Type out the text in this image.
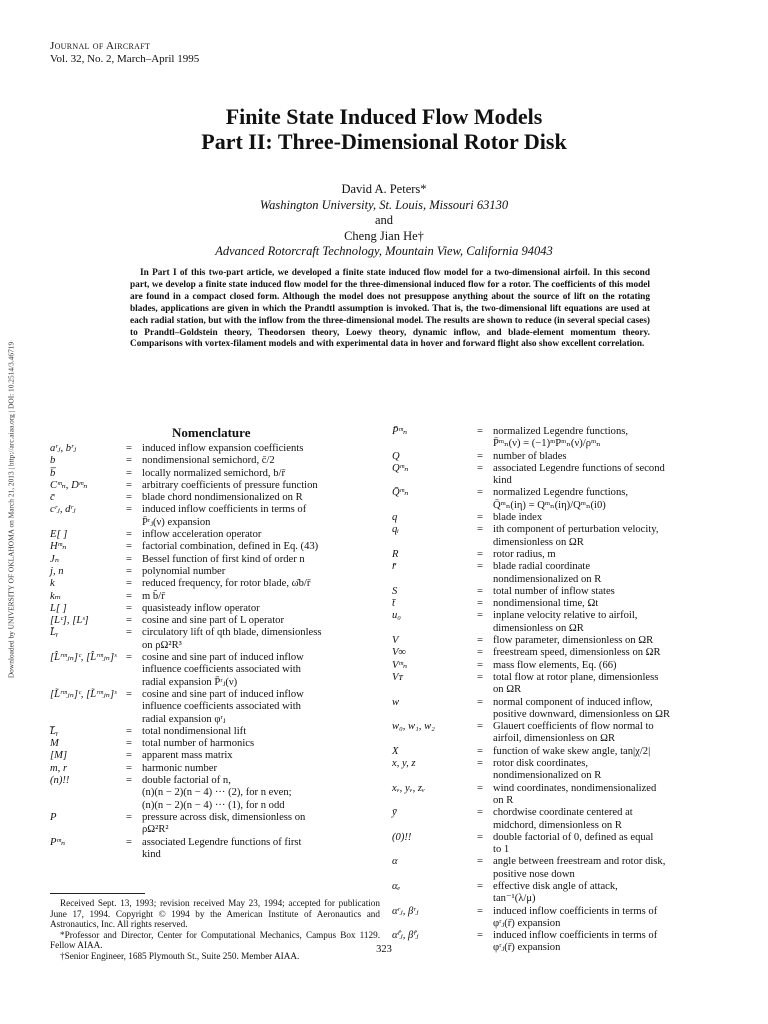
Journal of Aircraft
Vol. 32, No. 2, March–April 1995
Finite State Induced Flow Models
Part II: Three-Dimensional Rotor Disk
David A. Peters*
Washington University, St. Louis, Missouri 63130
and
Cheng Jian He†
Advanced Rotorcraft Technology, Mountain View, California 94043
In Part I of this two-part article, we developed a finite state induced flow model for a two-dimensional airfoil. In this second part, we develop a finite state induced flow model for the three-dimensional induced flow for a rotor. The coefficients of this model are found in a compact closed form. Although the model does not presuppose anything about the source of lift on the rotating blades, applications are given in which the Prandtl assumption is invoked. That is, the two-dimensional lift equations are used at each radial station, but with the inflow from the three-dimensional model. The results are shown to reduce (in several special cases) to Prandtl–Goldstein theory, Theodorsen theory, Loewy theory, dynamic inflow, and blade-element momentum theory. Comparisons with vortex-filament models and with experimental data in hover and forward flight also show excellent correlation.
Downloaded by UNIVERSITY OF OKLAHOMA on March 21, 2013 | http://arc.aiaa.org | DOI: 10.2514/3.46719	Nomenclature
aʳⱼ, bʳⱼ	= induced inflow expansion coefficients
b	= nondimensional semichord, c̄/2
b̅	= locally normalized semichord, b/r̄
Cᵐₙ, Dᵐₙ	= arbitrary coefficients of pressure function
c̄	= blade chord nondimensionalized on R
cʳⱼ, dʳⱼ	= induced inflow coefficients in terms of
P̄ʳⱼ(ν) expansion
E[ ]	= inflow acceleration operator
Hᵐₙ	= factorial combination, defined in Eq. (43)
Jₙ	= Bessel function of first kind of order n
j, n	= polynomial number
k	= reduced frequency, for rotor blade, ω̄b/r̄
kₘ	= m b̄/r̄
L[ ]	= quasisteady inflow operator
[Lᶜ], [Lˢ]	= cosine and sine part of L operator
L̄ᵧ	= circulatory lift of qth blade, dimensionless
on ρΩ²R³
[L̂ʳᵐⱼₙ]ᶜ, [L̂ʳᵐⱼₙ]ˢ = cosine and sine part of induced inflow
influence coefficients associated with
radial expansion P̄ʳⱼ(ν)
[L̃ʳᵐⱼₙ]ᶜ, [L̃ʳᵐⱼₙ]ˢ = cosine and sine part of induced inflow
influence coefficients associated with
radial expansion φʳⱼ
L̅ᵧ	= total nondimensional lift
M	= total number of harmonics
[M]	= apparent mass matrix
m, r	= harmonic number
(n)!!	= double factorial of n,
(n)(n − 2)(n − 4) ··· (2), for n even;
(n)(n − 2)(n − 4) ··· (1), for n odd
P	= pressure across disk, dimensionless on
ρΩ²R²
Pᵐₙ	= associated Legendre functions of first
kind
P̄ᵐₙ	= normalized Legendre functions,
P̄ᵐₙ(ν) = (−1)ᵐPᵐₙ(ν)/ρᵐₙ
Q	= number of blades
Qᵐₙ	= associated Legendre functions of second
kind
Q̄ᵐₙ	= normalized Legendre functions,
Q̄ᵐₙ(iη) = Qᵐₙ(iη)/Qᵐₙ(i0)
q	= blade index
qᵢ	= ith component of perturbation velocity,
dimensionless on ΩR
R	= rotor radius, m
r̄	= blade radial coordinate
nondimensionalized on R
S	= total number of inflow states
t̄	= nondimensional time, Ωt
u₀	= inplane velocity relative to airfoil,
dimensionless on ΩR
V	= flow parameter, dimensionless on ΩR
V∞	= freestream speed, dimensionless on ΩR
Vᵐₙ	= mass flow elements, Eq. (66)
Vᴛ	= total flow at rotor plane, dimensionless
on ΩR
w	= normal component of induced inflow,
positive downward, dimensionless on ΩR
w₀, w₁, w₂	= Glauert coefficients of flow normal to
airfoil, dimensionless on ΩR
X	= function of wake skew angle, tan|χ/2|
x, y, z	= rotor disk coordinates,
nondimensionalized on R
xᵥ, yᵥ, zᵥ	= wind coordinates, nondimensionalized
on R
ȳ	= chordwise coordinate centered at
midchord, dimensionless on R
(0)!!	= double factorial of 0, defined as equal
to 1
α	= angle between freestream and rotor disk,
positive nose down
αₑ	= effective disk angle of attack,
tan⁻¹(λ/μ)
αʳⱼ, βʳⱼ	= induced inflow coefficients in terms of
φʳⱼ(r̄) expansion
α̂ʳⱼ, β̂ʳⱼ	= induced inflow coefficients in terms of
φʳⱼ(r̄) expansion
Received Sept. 13, 1993; revision received May 23, 1994; accepted for publication June 17, 1994. Copyright © 1994 by the American Institute of Aeronautics and Astronautics, Inc. All rights reserved.
*Professor and Director, Center for Computational Mechanics, Campus Box 1129. Fellow AIAA.
†Senior Engineer, 1685 Plymouth St., Suite 250. Member AIAA.
323
